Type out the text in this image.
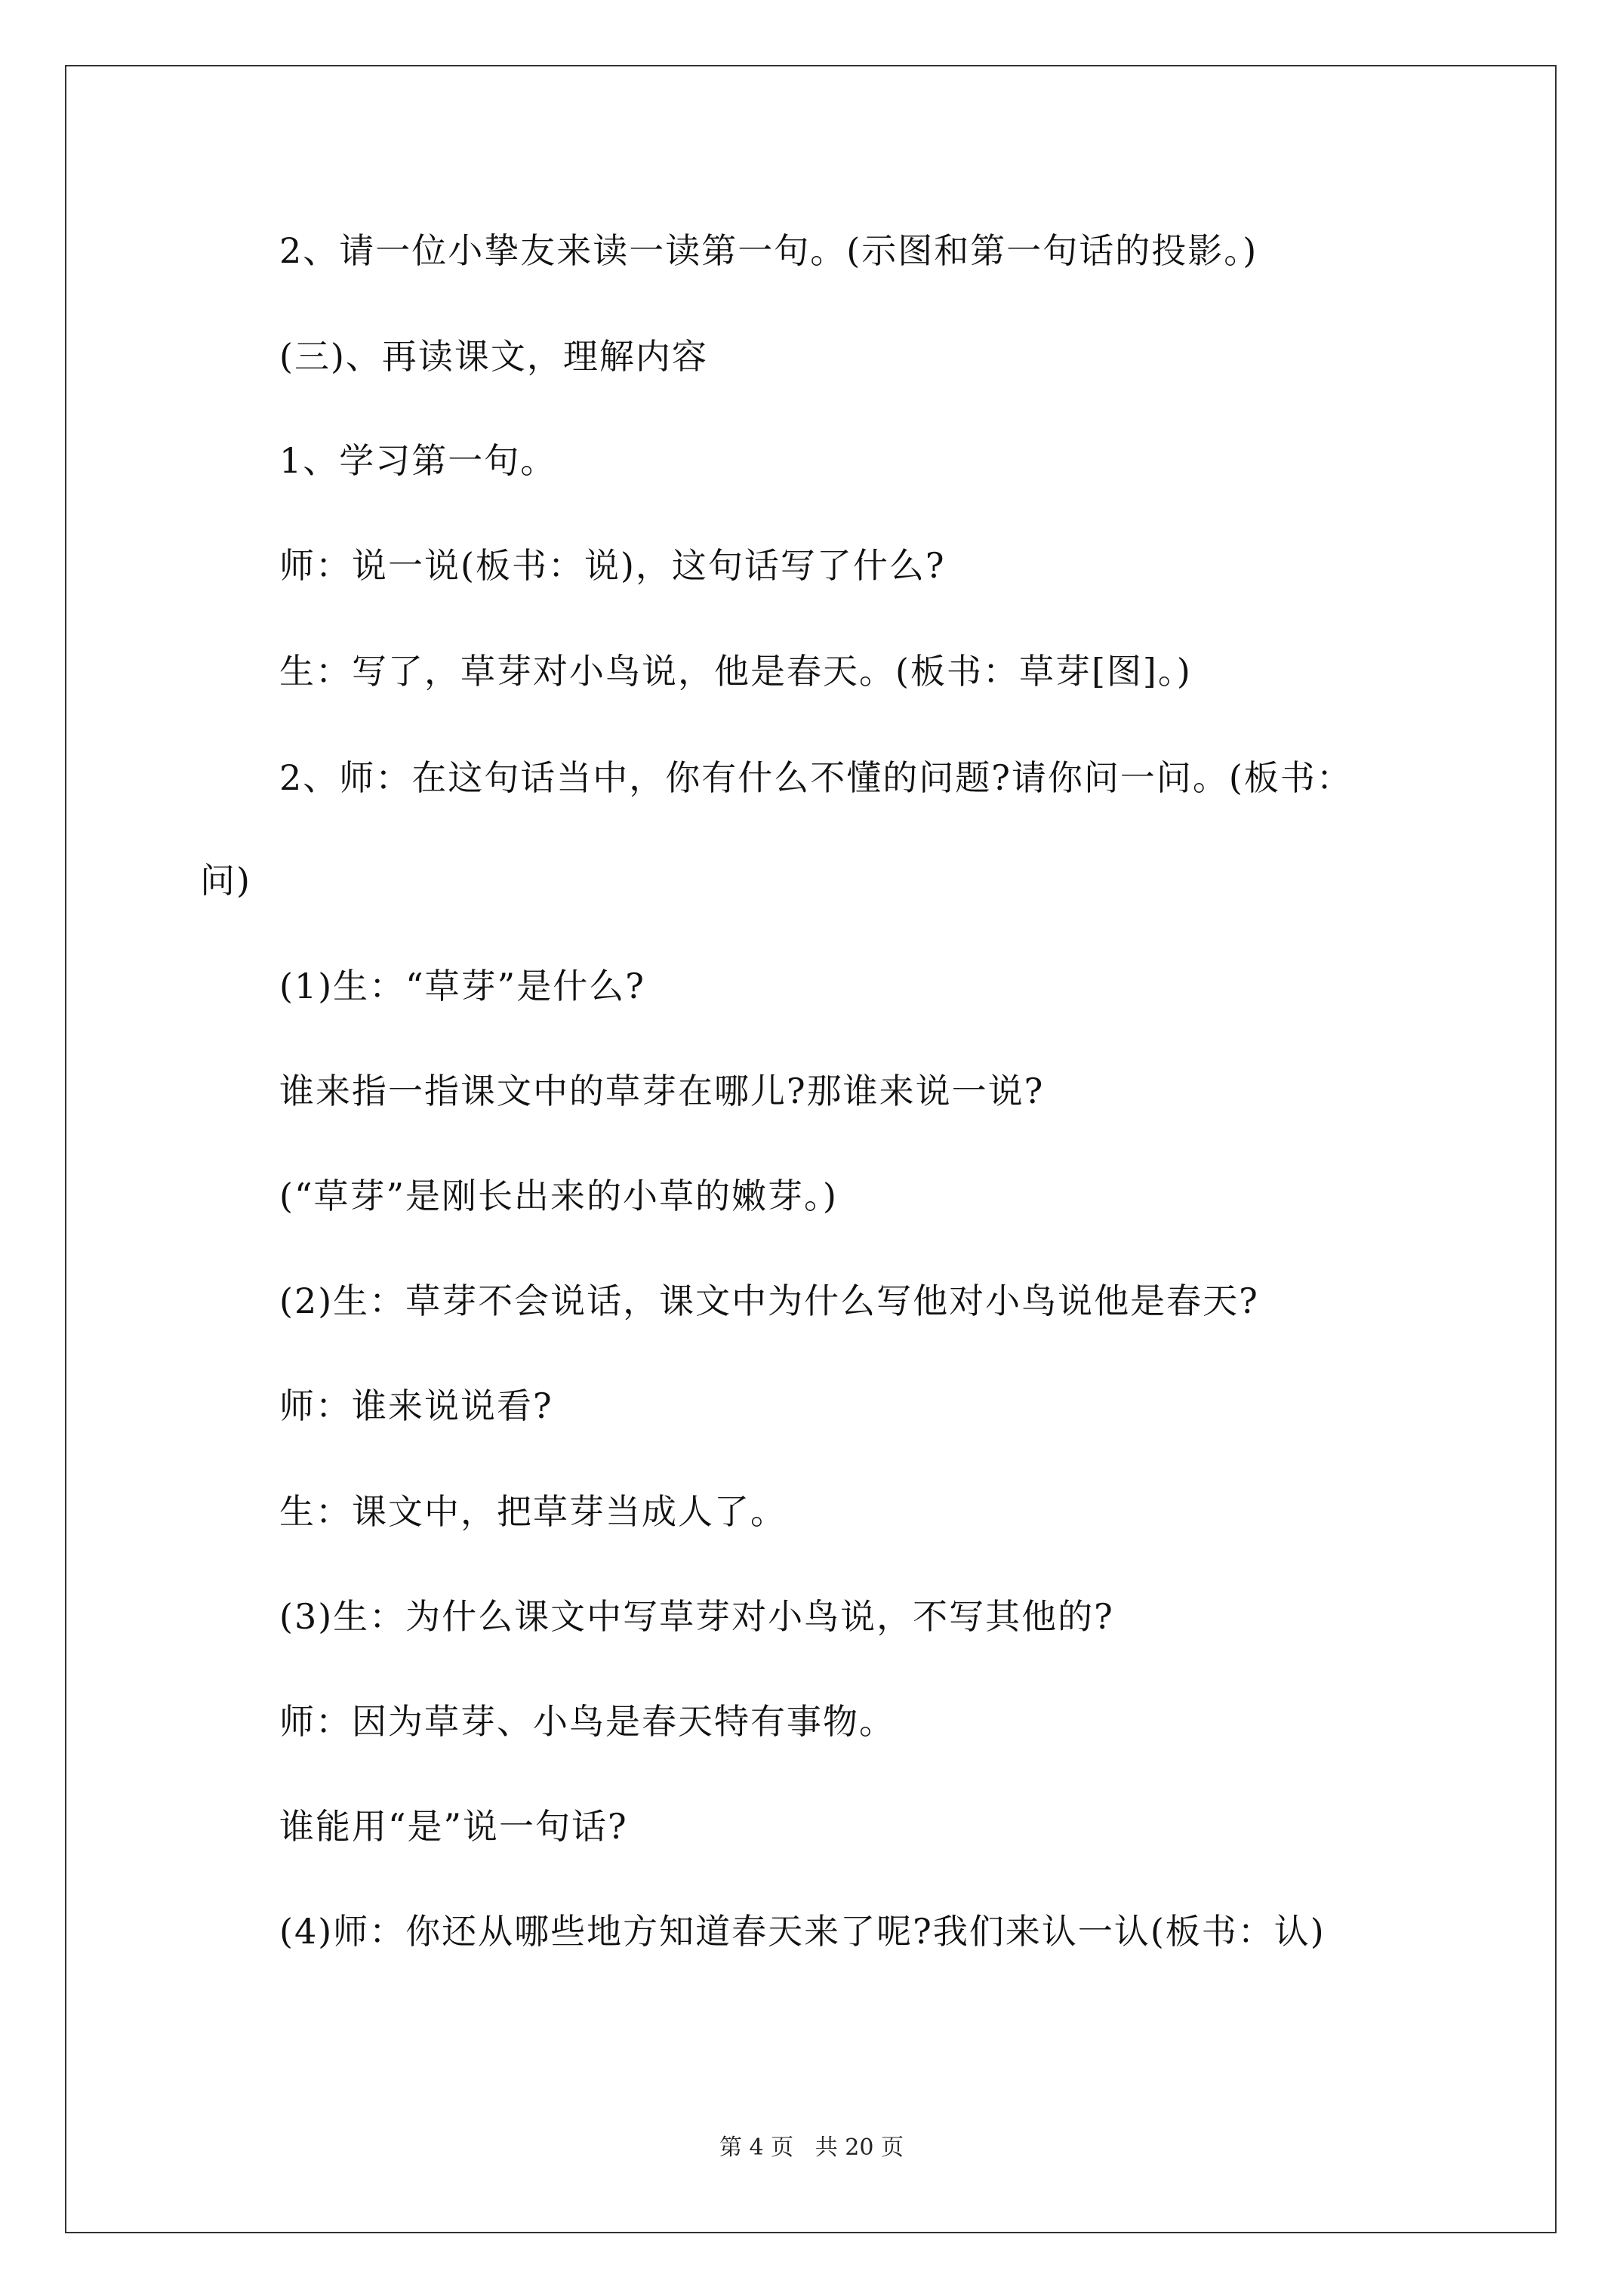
2、请一位小挚友来读一读第一句。(示图和第一句话的投影。)
(三)、再读课文，理解内容
1、学习第一句。
师：说一说(板书：说)，这句话写了什么?
生：写了，草芽对小鸟说，他是春天。(板书：草芽[图]。)
2、师：在这句话当中，你有什么不懂的问题?请你问一问。(板书：
问)
(1)生：“草芽”是什么?
谁来指一指课文中的草芽在哪儿?那谁来说一说?
(“草芽”是刚长出来的小草的嫩芽。)
(2)生：草芽不会说话，课文中为什么写他对小鸟说他是春天?
师：谁来说说看?
生：课文中，把草芽当成人了。
(3)生：为什么课文中写草芽对小鸟说，不写其他的?
师：因为草芽、小鸟是春天特有事物。
谁能用“是”说一句话?
(4)师：你还从哪些地方知道春天来了呢?我们来认一认(板书：认)
第 4 页   共 20 页
